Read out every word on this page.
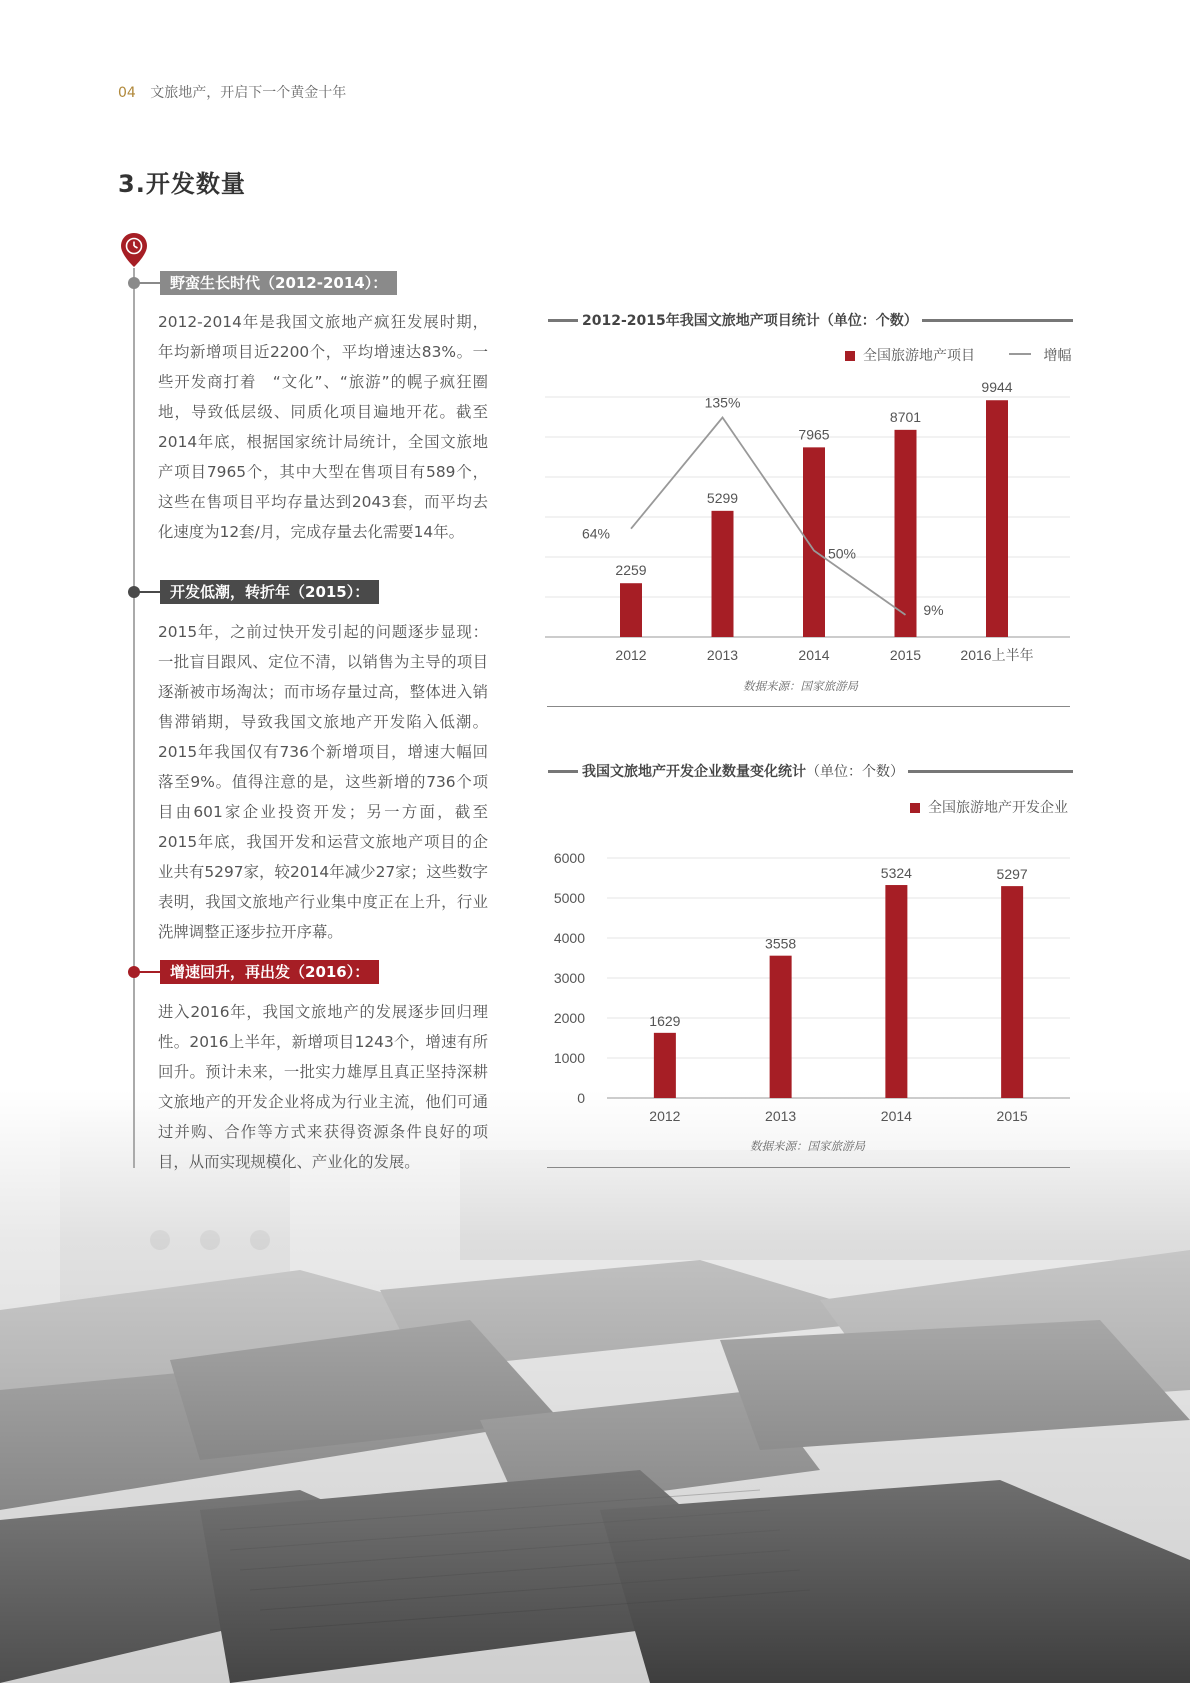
04 文旅地产，开启下一个黄金十年
3.开发数量
野蛮生长时代（2012-2014）：
2012-2014年是我国文旅地产疯狂发展时期，年均新增项目近2200个，平均增速达83%。一些开发商打着　“文化”、“旅游”的幌子疯狂圈地，导致低层级、同质化项目遍地开花。截至2014年底，根据国家统计局统计，全国文旅地产项目7965个，其中大型在售项目有589个，这些在售项目平均存量达到2043套，而平均去化速度为12套/月，完成存量去化需要14年。
开发低潮，转折年（2015）：
2015年，之前过快开发引起的问题逐步显现：一批盲目跟风、定位不清，以销售为主导的项目逐渐被市场淘汰；而市场存量过高，整体进入销售滞销期，导致我国文旅地产开发陷入低潮。2015年我国仅有736个新增项目，增速大幅回落至9%。值得注意的是，这些新增的736个项目由601家企业投资开发；另一方面，截至2015年底，我国开发和运营文旅地产项目的企业共有5297家，较2014年减少27家；这些数字表明，我国文旅地产行业集中度正在上升，行业洗牌调整正逐步拉开序幕。
增速回升，再出发（2016）：
进入2016年，我国文旅地产的发展逐步回归理性。2016上半年，新增项目1243个，增速有所回升。预计未来，一批实力雄厚且真正坚持深耕文旅地产的开发企业将成为行业主流，他们可通过并购、合作等方式来获得资源条件良好的项目，从而实现规模化、产业化的发展。
2012-2015年我国文旅地产项目统计（单位：个数）
全国旅游地产项目	增幅
2259
2012
5299
2013
7965
2014
8701
2015
9944
2016上半年
64%
135%
50%
9%
数据来源：国家旅游局
我国文旅地产开发企业数量变化统计（单位：个数）
全国旅游地产开发企业
0
1000
2000
3000
4000
5000
6000
1629
2012
3558
2013
5324
2014
5297
2015
数据来源：国家旅游局
